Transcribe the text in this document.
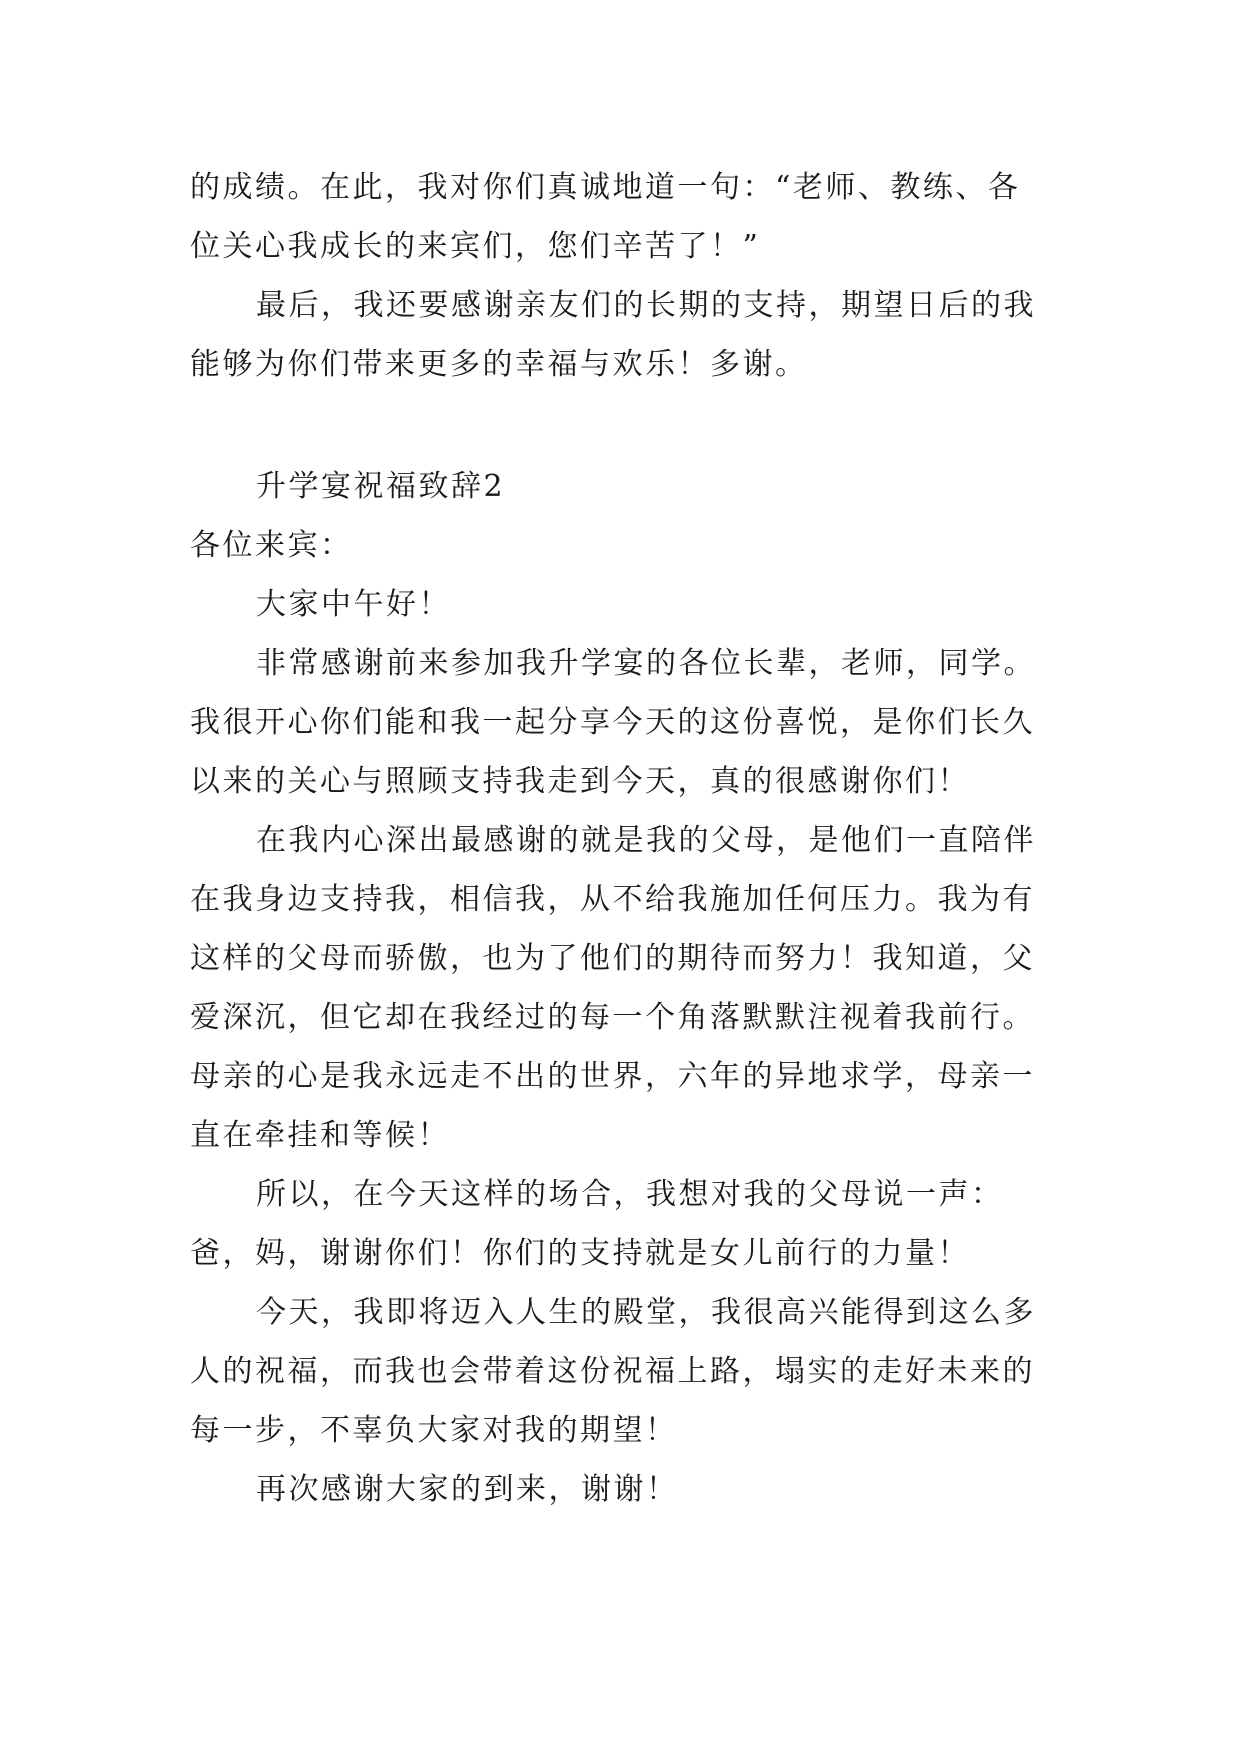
的成绩。在此，我对你们真诚地道一句：“老师、教练、各位关心我成长的来宾们，您们辛苦了！”

最后，我还要感谢亲友们的长期的支持，期望日后的我能够为你们带来更多的幸福与欢乐！多谢。

升学宴祝福致辞2

各位来宾：

大家中午好！

非常感谢前来参加我升学宴的各位长辈，老师，同学。我很开心你们能和我一起分享今天的这份喜悦，是你们长久以来的关心与照顾支持我走到今天，真的很感谢你们！

在我内心深出最感谢的就是我的父母，是他们一直陪伴在我身边支持我，相信我，从不给我施加任何压力。我为有这样的父母而骄傲，也为了他们的期待而努力！我知道，父爱深沉，但它却在我经过的每一个角落默默注视着我前行。母亲的心是我永远走不出的世界，六年的异地求学，母亲一直在牵挂和等候！

所以，在今天这样的场合，我想对我的父母说一声：爸，妈，谢谢你们！你们的支持就是女儿前行的力量！

今天，我即将迈入人生的殿堂，我很高兴能得到这么多人的祝福，而我也会带着这份祝福上路，塌实的走好未来的每一步，不辜负大家对我的期望！

再次感谢大家的到来，谢谢！
